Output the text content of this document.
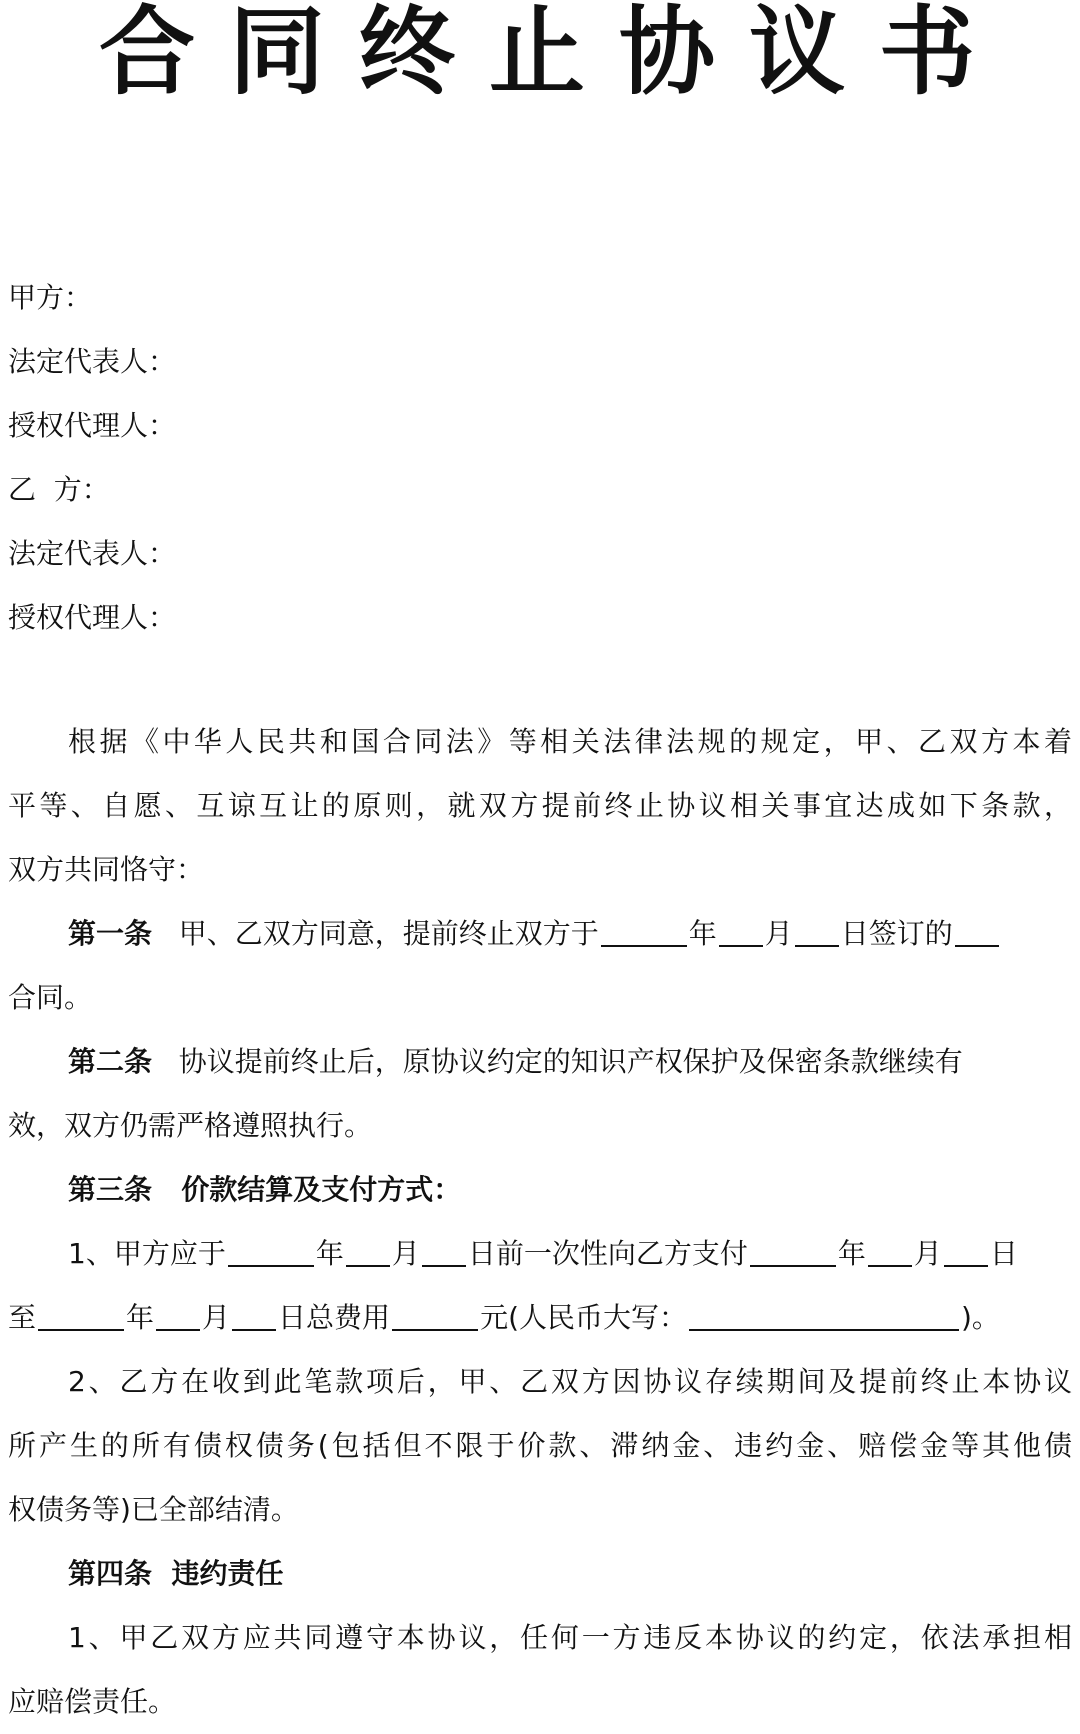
合同终止协议书
甲方：
法定代表人：
授权代理人：
乙  方：
法定代表人：
授权代理人：
根据《中华人民共和国合同法》等相关法律法规的规定，甲、乙双方本着
平等、自愿、互谅互让的原则，就双方提前终止协议相关事宜达成如下条款，
双方共同恪守：
第一条 甲、乙双方同意，提前终止双方于	年 月 日签订的
合同。
第二条 协议提前终止后，原协议约定的知识产权保护及保密条款继续有
效，双方仍需严格遵照执行。
第三条 价款结算及支付方式：
1、甲方应于	年 月 日前一次性向乙方支付	年 月 日
至	年 月 日总费用	元(人民币大写：	)。
2、乙方在收到此笔款项后，甲、乙双方因协议存续期间及提前终止本协议
所产生的所有债权债务(包括但不限于价款、滞纳金、违约金、赔偿金等其他债
权债务等)已全部结清。
第四条 违约责任
1、甲乙双方应共同遵守本协议，任何一方违反本协议的约定，依法承担相
应赔偿责任。
